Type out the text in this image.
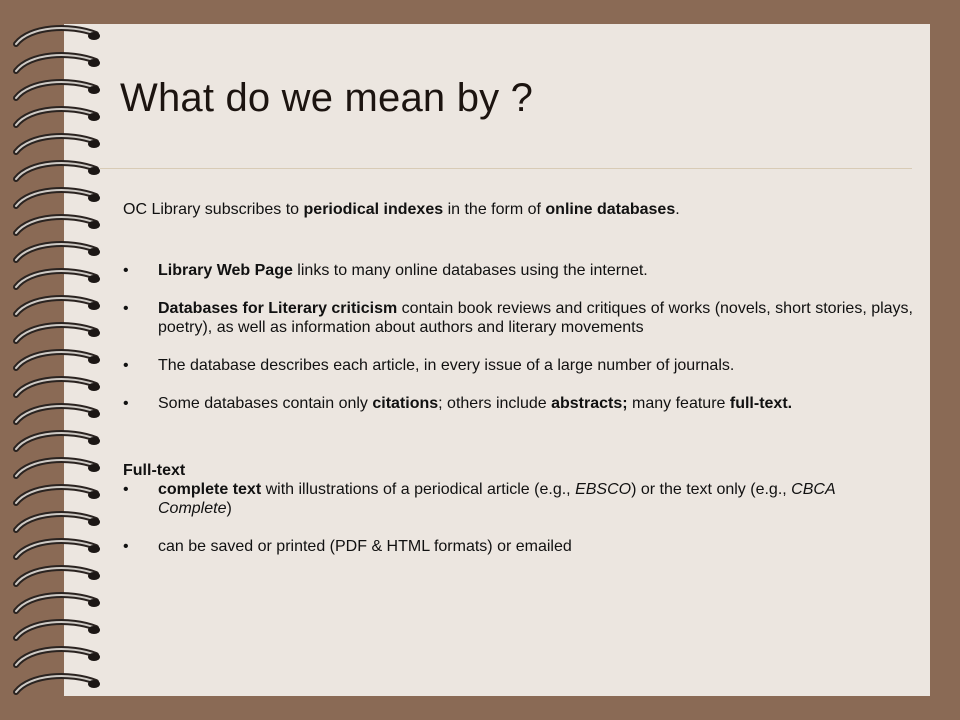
What do we mean by ?

OC Library subscribes to periodical indexes in the form of online databases.

• Library Web Page links to many online databases using the internet.
• Databases for Literary criticism contain book reviews and critiques of works (novels, short stories, plays, poetry), as well as information about authors and literary movements
• The database describes each article, in every issue of a large number of journals.
• Some databases contain only citations; others include abstracts; many feature full-text.

Full-text

• complete text with illustrations of a periodical article (e.g., EBSCO) or the text only (e.g., CBCA Complete)
• can be saved or printed (PDF & HTML formats) or emailed
